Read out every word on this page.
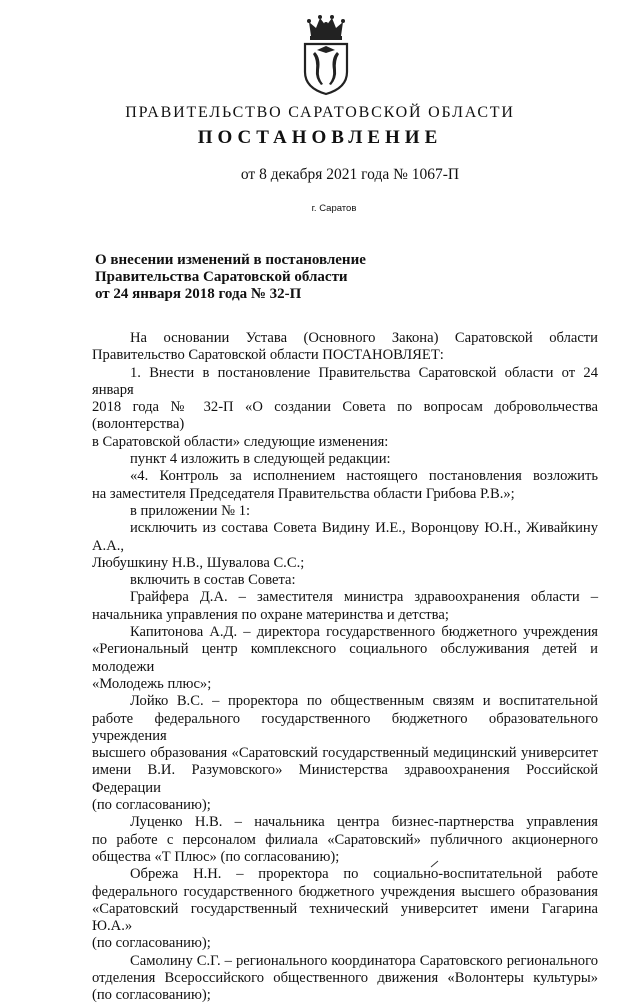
ПРАВИТЕЛЬСТВО САРАТОВСКОЙ ОБЛАСТИ
ПОСТАНОВЛЕНИЕ
от 8 декабря 2021 года № 1067-П
г. Саратов
О внесении изменений в постановление
Правительства Саратовской области
от 24 января 2018 года № 32-П

На основании Устава (Основного Закона) Саратовской области

Правительство Саратовской области ПОСТАНОВЛЯЕТ:

1. Внести в постановление Правительства Саратовской области от 24 января

2018 года № 32-П «О создании Совета по вопросам добровольчества (волонтерства)

в Саратовской области» следующие изменения:

пункт 4 изложить в следующей редакции:

«4. Контроль за исполнением настоящего постановления возложить

на заместителя Председателя Правительства области Грибова Р.В.»;

в приложении № 1:

исключить из состава Совета Видину И.Е., Воронцову Ю.Н., Живайкину А.А.,

Любушкину Н.В., Шувалова С.С.;

включить в состав Совета:

Грайфера Д.А. – заместителя министра здравоохранения области –

начальника управления по охране материнства и детства;

Капитонова А.Д. – директора государственного бюджетного учреждения

«Региональный центр комплексного социального обслуживания детей и молодежи

«Молодежь плюс»;

Лойко В.С. – проректора по общественным связям и воспитательной

работе федерального государственного бюджетного образовательного учреждения

высшего образования «Саратовский государственный медицинский университет

имени В.И. Разумовского» Министерства здравоохранения Российской Федерации

(по согласованию);

Луценко Н.В. – начальника центра бизнес-партнерства управления

по работе с персоналом филиала «Саратовский» публичного акционерного

общества «Т Плюс» (по согласованию);

Обрежа Н.Н. – проректора по социально-воспитательной работе

федерального государственного бюджетного учреждения высшего образования

«Саратовский государственный технический университет имени Гагарина Ю.А.»

(по согласованию);

Самолину С.Г. – регионального координатора Саратовского регионального

отделения Всероссийского общественного движения «Волонтеры культуры»

(по согласованию);
